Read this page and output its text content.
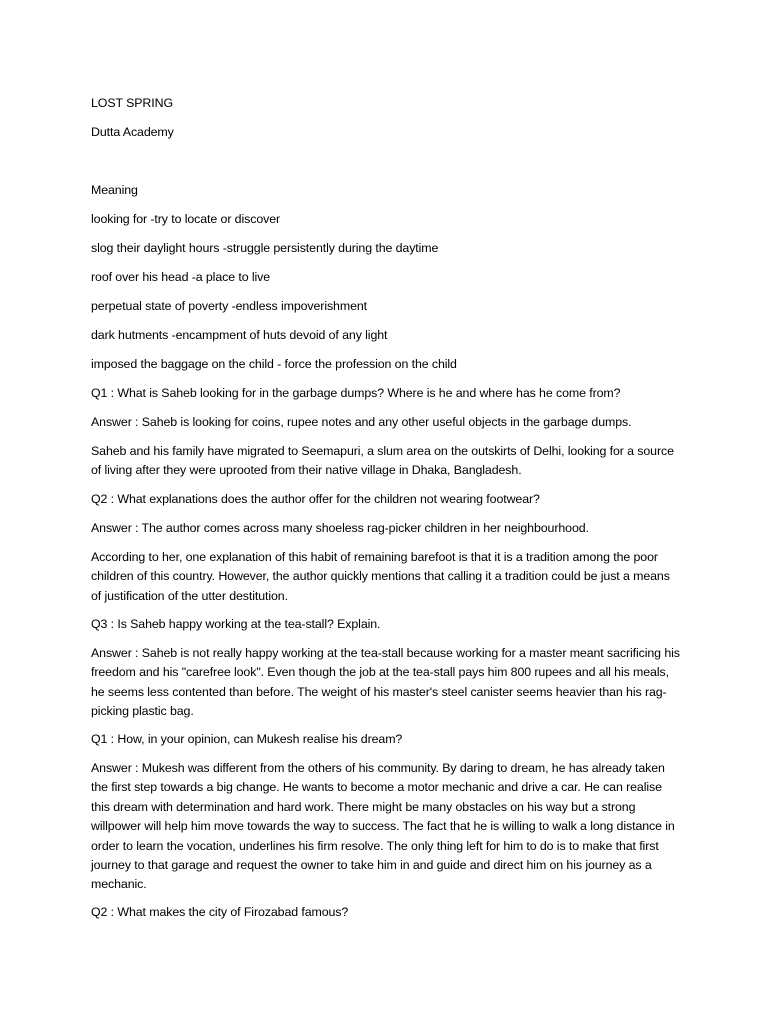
LOST SPRING

Dutta Academy

Meaning

looking for -try to locate or discover

slog their daylight hours -struggle persistently during the daytime

roof over his head -a place to live

perpetual state of poverty -endless impoverishment

dark hutments -encampment of huts devoid of any light

imposed the baggage on the child - force the profession on the child

Q1 : What is Saheb looking for in the garbage dumps? Where is he and where has he come from?

Answer : Saheb is looking for coins, rupee notes and any other useful objects in the garbage dumps.

Saheb and his family have migrated to Seemapuri, a slum area on the outskirts of Delhi, looking for a source of living after they were uprooted from their native village in Dhaka, Bangladesh.

Q2 : What explanations does the author offer for the children not wearing footwear?

Answer : The author comes across many shoeless rag-picker children in her neighbourhood.

According to her, one explanation of this habit of remaining barefoot is that it is a tradition among the poor children of this country. However, the author quickly mentions that calling it a tradition could be just a means of justification of the utter destitution.

Q3 : Is Saheb happy working at the tea-stall? Explain.

Answer : Saheb is not really happy working at the tea-stall because working for a master meant sacrificing his freedom and his "carefree look". Even though the job at the tea-stall pays him 800 rupees and all his meals, he seems less contented than before. The weight of his master's steel canister seems heavier than his rag-picking plastic bag.

Q1 : How, in your opinion, can Mukesh realise his dream?

Answer : Mukesh was different from the others of his community. By daring to dream, he has already taken the first step towards a big change. He wants to become a motor mechanic and drive a car. He can realise this dream with determination and hard work. There might be many obstacles on his way but a strong willpower will help him move towards the way to success. The fact that he is willing to walk a long distance in order to learn the vocation, underlines his firm resolve. The only thing left for him to do is to make that first journey to that garage and request the owner to take him in and guide and direct him on his journey as a mechanic.

Q2 : What makes the city of Firozabad famous?
